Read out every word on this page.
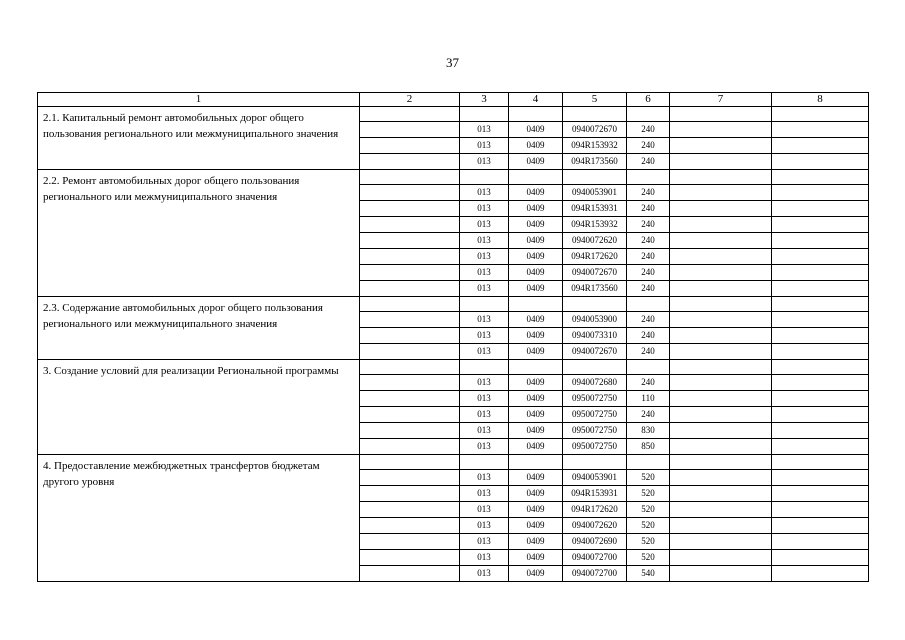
37
1	2	3	4	5	6	7	8
2.1. Капитальный ремонт автомобильных дорог общего пользования регионального или межмуниципального значения							
		013	0409	0940072670	240		
		013	0409	094R153932	240		
		013	0409	094R173560	240		
2.2. Ремонт автомобильных дорог общего пользования регионального или межмуниципального значения							
		013	0409	0940053901	240		
		013	0409	094R153931	240		
		013	0409	094R153932	240		
		013	0409	0940072620	240		
		013	0409	094R172620	240		
		013	0409	0940072670	240		
		013	0409	094R173560	240		
2.3. Содержание автомобильных дорог общего пользования регионального или межмуниципального значения							
		013	0409	0940053900	240		
		013	0409	0940073310	240		
		013	0409	0940072670	240		
3. Создание условий для реализации Региональной программы							
		013	0409	0940072680	240		
		013	0409	0950072750	110		
		013	0409	0950072750	240		
		013	0409	0950072750	830		
		013	0409	0950072750	850		
4. Предоставление межбюджетных трансфертов бюджетам другого уровня							
		013	0409	0940053901	520		
		013	0409	094R153931	520		
		013	0409	094R172620	520		
		013	0409	0940072620	520		
		013	0409	0940072690	520		
		013	0409	0940072700	520		
		013	0409	0940072700	540		
